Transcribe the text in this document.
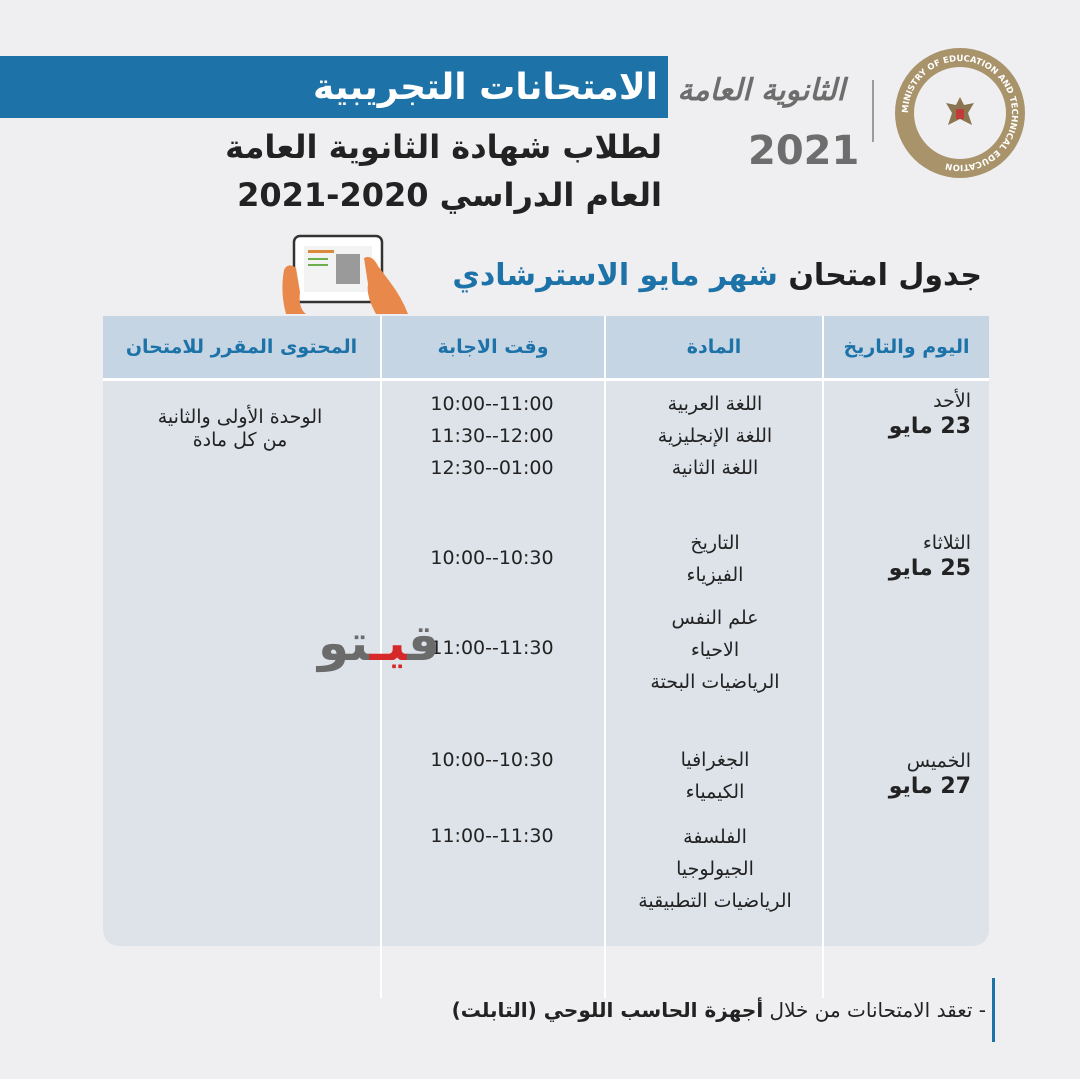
الامتحانات التجريبية
لطلاب شهادة الثانوية العامة
العام الدراسي 2020-2021
MINISTRY OF EDUCATION AND TECHNICAL EDUCATION
الثانوية العامة
2021
جدول امتحان شهر مايو الاسترشادي
اليوم والتاريخ
المادة
وقت الاجابة
المحتوى المقرر للامتحان
الأحد
23 مايو
الثلاثاء
25 مايو
الخميس
27 مايو
اللغة العربية
اللغة الإنجليزية
اللغة الثانية
التاريخ
الفيزياء
علم النفس
الاحياء
الرياضيات البحتة
الجغرافيا
الكيمياء
الفلسفة
الجيولوجيا
الرياضيات التطبيقية
10:00--11:00
11:30--12:00
12:30--01:00
10:00--10:30
11:00--11:30
10:00--10:30
11:00--11:30
الوحدة الأولى والثانية
من كل مادة
قيـتو
- تعقد الامتحانات من خلال أجهزة الحاسب اللوحي (التابلت)
